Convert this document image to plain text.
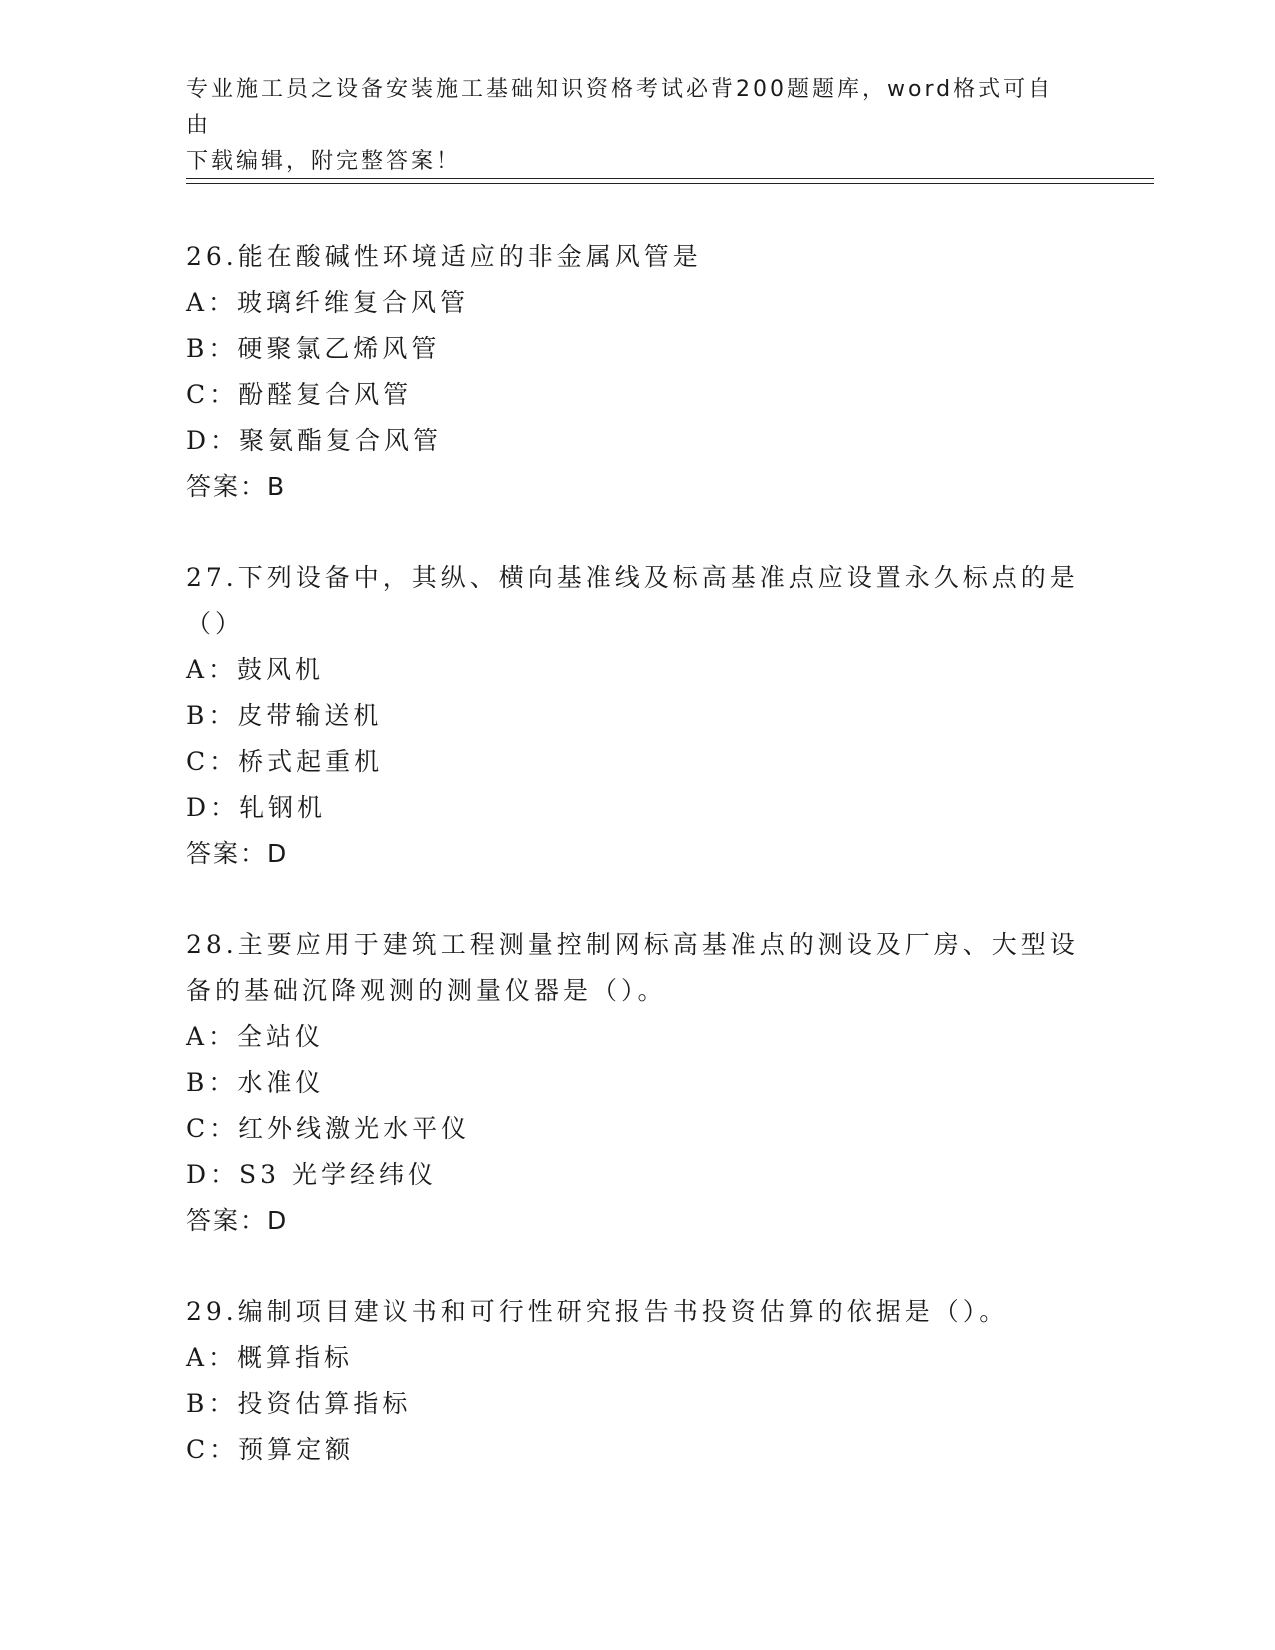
专业施工员之设备安装施工基础知识资格考试必背200题题库，word格式可自由
下载编辑，附完整答案！
26.能在酸碱性环境适应的非金属风管是
A：玻璃纤维复合风管
B：硬聚氯乙烯风管
C：酚醛复合风管
D：聚氨酯复合风管
答案：B
27.下列设备中，其纵、横向基准线及标高基准点应设置永久标点的是
（）
A：鼓风机
B：皮带输送机
C：桥式起重机
D：轧钢机
答案：D
28.主要应用于建筑工程测量控制网标高基准点的测设及厂房、大型设
备的基础沉降观测的测量仪器是（）。
A：全站仪
B：水准仪
C：红外线激光水平仪
D：S3 光学经纬仪
答案：D
29.编制项目建议书和可行性研究报告书投资估算的依据是（）。
A：概算指标
B：投资估算指标
C：预算定额
